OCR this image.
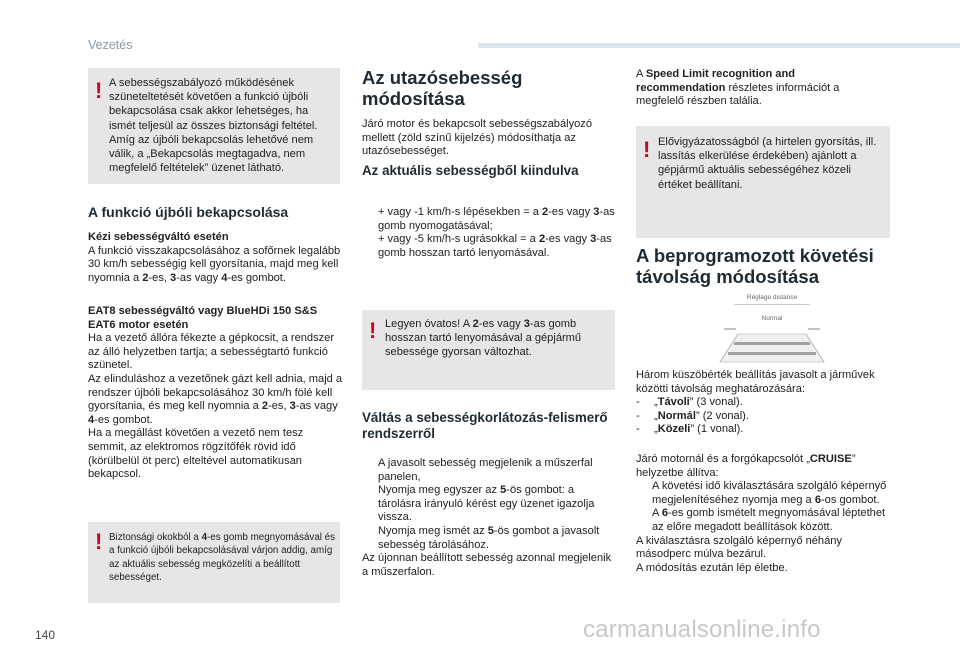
Vezetés
! A sebességszabályozó működésének szüneteltetését követően a funkció újbóli bekapcsolása csak akkor lehetséges, ha ismét teljesül az összes biztonsági feltétel. Amíg az újbóli bekapcsolás lehetővé nem válik, a „Bekapcsolás megtagadva, nem megfelelő feltételek” üzenet látható.
A funkció újbóli bekapcsolása
Kézi sebességváltó esetén
A funkció visszakapcsolásához a sofőrnek legalább 30 km/h sebességig kell gyorsítania, majd meg kell nyomnia a 2-es, 3-as vagy 4-es gombot.
EAT8 sebességváltó vagy BlueHDi 150 S&S EAT6 motor esetén
Ha a vezető állóra fékezte a gépkocsit, a rendszer az álló helyzetben tartja; a sebességtartó funkció szünetel.
Az elinduláshoz a vezetőnek gázt kell adnia, majd a rendszer újbóli bekapcsolásához 30 km/h fölé kell gyorsítania, és meg kell nyomnia a 2-es, 3-as vagy 4-es gombot.
Ha a megállást követően a vezető nem tesz semmit, az elektromos rögzítőfék rövid idő (körülbelül öt perc) elteltével automatikusan bekapcsol.
! Biztonsági okokból a 4-es gomb megnyomásával és a funkció újbóli bekapcsolásával várjon addig, amíg az aktuális sebesség megközelíti a beállított sebességet.
Az utazósebesség módosítása
Járó motor és bekapcsolt sebességszabályozó mellett (zöld színű kijelzés) módosíthatja az utazósebességet.
Az aktuális sebességből kiindulva
+ vagy -1 km/h-s lépésekben = a 2-es vagy 3-as gomb nyomogatásával;
+ vagy -5 km/h-s ugrásokkal = a 2-es vagy 3-as gomb hosszan tartó lenyomásával.
! Legyen óvatos! A 2-es vagy 3-as gomb hosszan tartó lenyomásával a gépjármű sebessége gyorsan változhat.
Váltás a sebességkorlátozás-felismerő rendszerről
A javasolt sebesség megjelenik a műszerfal panelen,
Nyomja meg egyszer az 5-ös gombot: a tárolásra irányuló kérést egy üzenet igazolja vissza.
Nyomja meg ismét az 5-ös gombot a javasolt sebesség tárolásához.
Az újonnan beállított sebesség azonnal megjelenik a műszerfalon.
A Speed Limit recognition and recommendation részletes információt a megfelelő részben talália.
! Elővigyázatosságból (a hirtelen gyorsítás, ill. lassítás elkerülése érdekében) ajánlott a gépjármű aktuális sebességéhez közeli értéket beállítani.
A beprogramozott követési távolság módosítása
Réglage distance
Normal
Három küszöbérték beállítás javasolt a járművek közötti távolság meghatározására:
- „Távoli” (3 vonal).
- „Normál” (2 vonal).
- „Közeli” (1 vonal).
Járó motornál és a forgókapcsolót „CRUISE” helyzetbe állítva:
A követési idő kiválasztására szolgáló képernyő megjelenítéséhez nyomja meg a 6-os gombot.
A 6-es gomb ismételt megnyomásával léptethet az előre megadott beállítások között.
A kiválasztásra szolgáló képernyő néhány másodperc múlva bezárul.
A módosítás ezután lép életbe.
140	carmanualsonline.info
